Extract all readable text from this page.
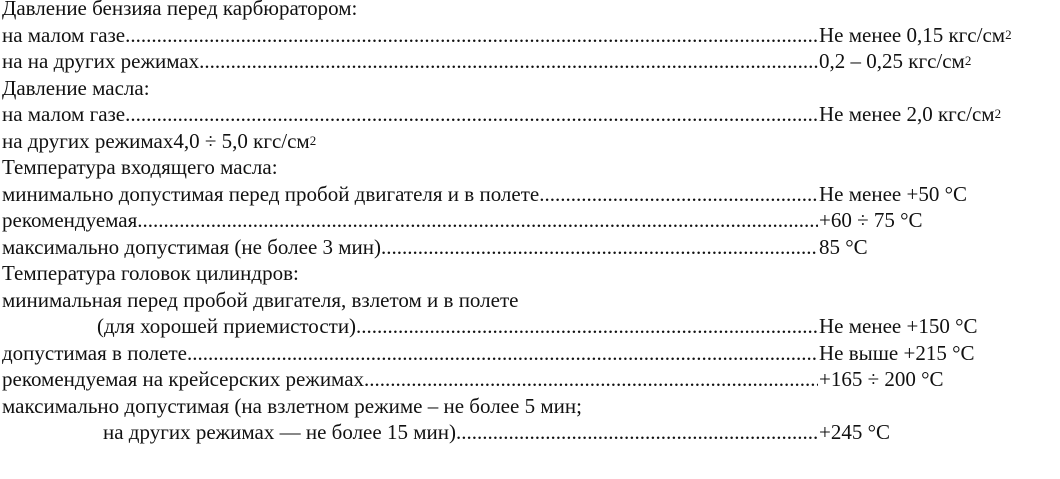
Давление бензияа перед карбюратором:
на малом газе .....	Не менее 0,15 кгс/$см^2$
на на других режимах .....	0,2 – 0,25 кгс/$см^2$
Давление масла:
на малом газе .....	Не менее 2,0 кгс/$см^2$
на других режимах4,0 ÷ 5,0 кгс/$см^2$
Температура входящего масла:
минимально допустимая перед пробой двигателя и в полете .....	Не менее +50 °С
рекомендуемая .....	+60 ÷ 75 °С
максимально допустимая (не более 3 мин) .....	85 °С
Температура головок цилиндров:
минимальная перед пробой двигателя, взлетом и в полете
(для хорошей приемистости) .....	Не менее +150 °С
допустимая в полете .....	Не выше +215 °С
рекомендуемая на крейсерских режимах .....	+165 ÷ 200 °С
максимально допустимая (на взлетном режиме – не более 5 мин;
на других режимах — не более 15 мин) .....	+245 °С
